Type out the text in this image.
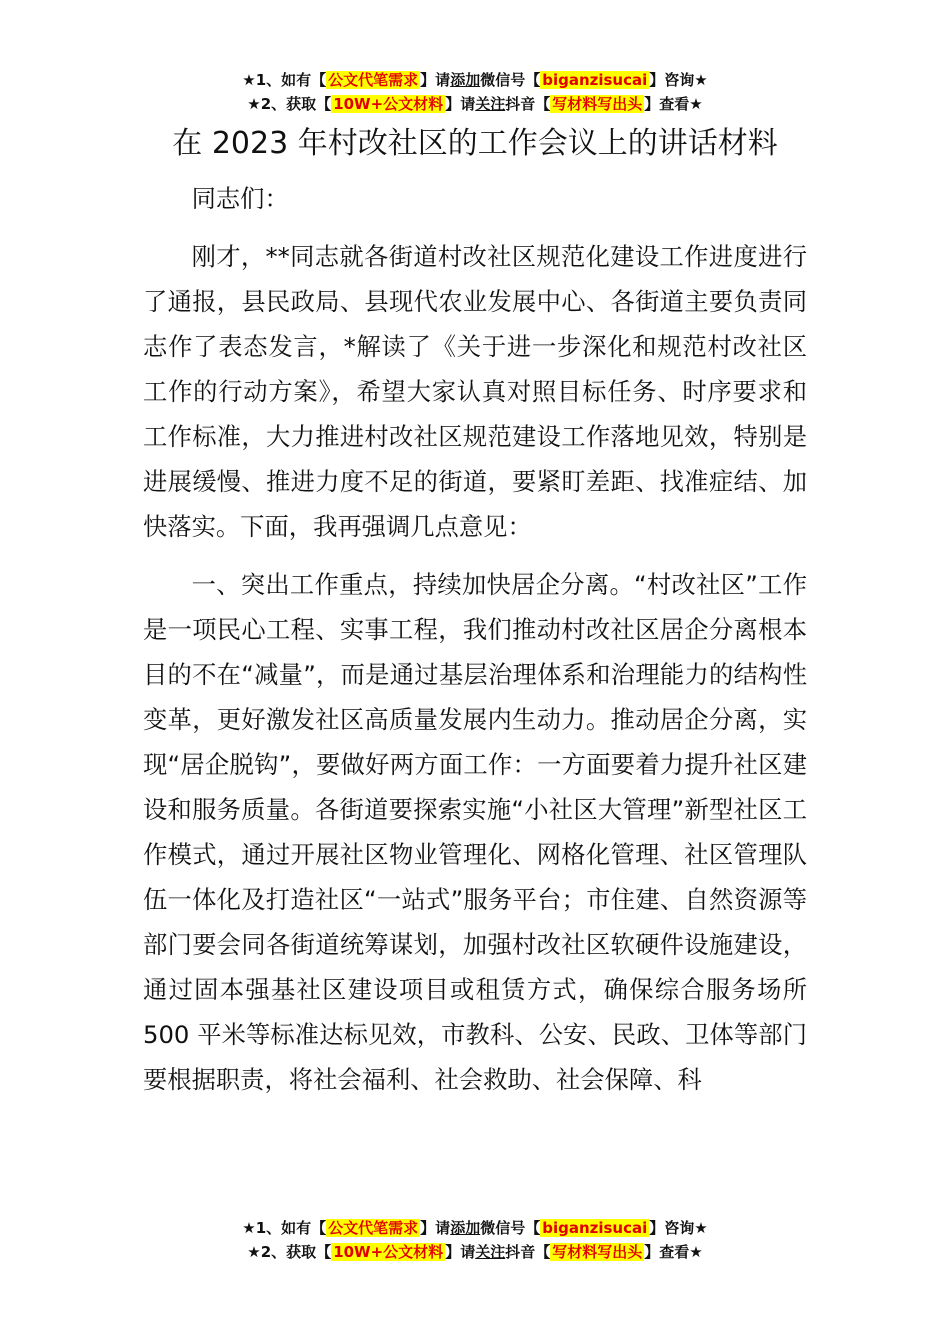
★1、如有【 公文代笔需求 】请添加微信号【 biganzisucai 】咨询★
★2、获取【 10W+公文材料 】请关注抖音【 写材料写出头 】查看★
在 2023 年村改社区的工作会议上的讲话材料

同志们：

刚才，**同志就各街道村改社区规范化建设工作进度进行了通报，县民政局、县现代农业发展中心、各街道主要负责同志作了表态发言，*解读了《关于进一步深化和规范村改社区工作的行动方案》，希望大家认真对照目标任务、时序要求和工作标准，大力推进村改社区规范建设工作落地见效，特别是进展缓慢、推进力度不足的街道，要紧盯差距、找准症结、加快落实。下面，我再强调几点意见：

一、突出工作重点，持续加快居企分离。“村改社区”工作是一项民心工程、实事工程，我们推动村改社区居企分离根本目的不在“减量”，而是通过基层治理体系和治理能力的结构性变革，更好激发社区高质量发展内生动力。推动居企分离，实现“居企脱钩”，要做好两方面工作：一方面要着力提升社区建设和服务质量。各街道要探索实施“小社区大管理”新型社区工作模式，通过开展社区物业管理化、网格化管理、社区管理队伍一体化及打造社区“一站式”服务平台；市住建、自然资源等部门要会同各街道统筹谋划，加强村改社区软硬件设施建设，通过固本强基社区建设项目或租赁方式，确保综合服务场所 500 平米等标准达标见效，市教科、公安、民政、卫体等部门要根据职责，将社会福利、社会救助、社会保障、科

★1、如有【 公文代笔需求 】请添加微信号【 biganzisucai 】咨询★
★2、获取【 10W+公文材料 】请关注抖音【 写材料写出头 】查看★
